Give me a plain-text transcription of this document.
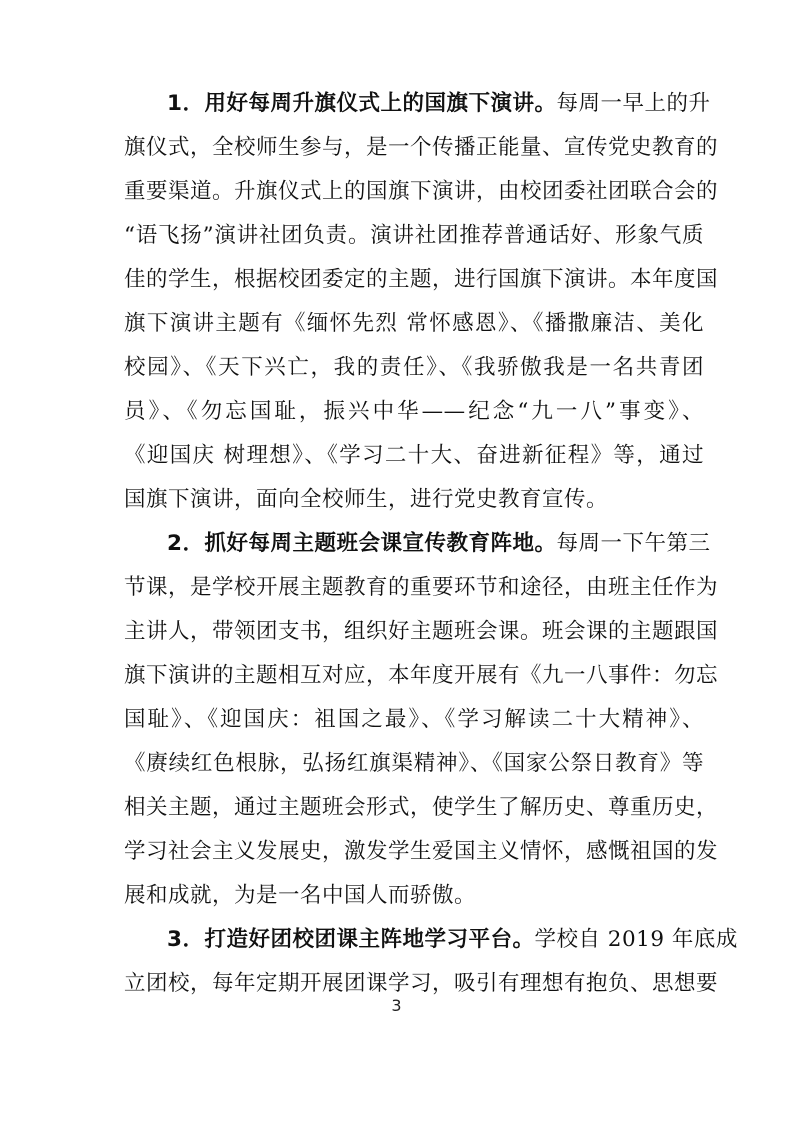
1．用好每周升旗仪式上的国旗下演讲。每周一早上的升
旗仪式，全校师生参与，是一个传播正能量、宣传党史教育的
重要渠道。升旗仪式上的国旗下演讲，由校团委社团联合会的
“语飞扬”演讲社团负责。演讲社团推荐普通话好、形象气质
佳的学生，根据校团委定的主题，进行国旗下演讲。本年度国
旗下演讲主题有《缅怀先烈 常怀感恩》、《播撒廉洁、美化
校园》、《天下兴亡，我的责任》、《我骄傲我是一名共青团
员》、《勿忘国耻，振兴中华——纪念“九一八”事变》、
《迎国庆 树理想》、《学习二十大、奋进新征程》等，通过
国旗下演讲，面向全校师生，进行党史教育宣传。
2．抓好每周主题班会课宣传教育阵地。每周一下午第三
节课，是学校开展主题教育的重要环节和途径，由班主任作为
主讲人，带领团支书，组织好主题班会课。班会课的主题跟国
旗下演讲的主题相互对应，本年度开展有《九一八事件：勿忘
国耻》、《迎国庆：祖国之最》、《学习解读二十大精神》、
《赓续红色根脉，弘扬红旗渠精神》、《国家公祭日教育》等
相关主题，通过主题班会形式，使学生了解历史、尊重历史，
学习社会主义发展史，激发学生爱国主义情怀，感慨祖国的发
展和成就，为是一名中国人而骄傲。
3．打造好团校团课主阵地学习平台。学校自 2019 年底成
立团校，每年定期开展团课学习，吸引有理想有抱负、思想要
3
